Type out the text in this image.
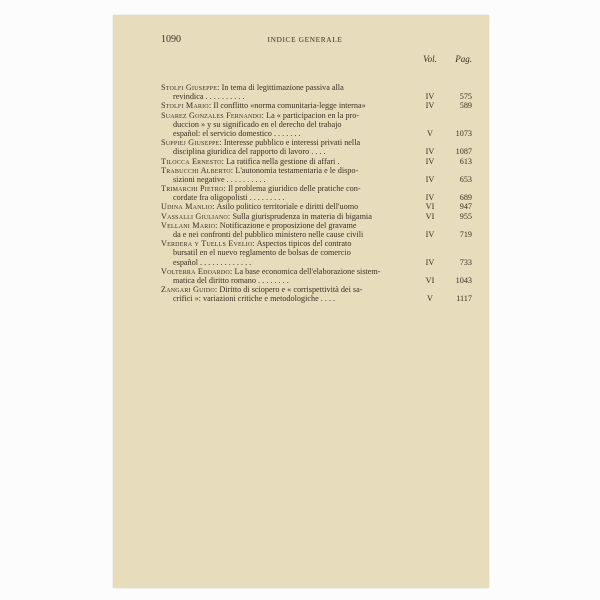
1090	INDICE GENERALE
Vol.	Pag.
Stolfi Giuseppe: In tema di legittimazione passiva alla
revindica . . . . . . . . . .	IV	575
Stolfi Mario: Il conflitto «norma comunitaria-legge interna»	IV	589
Suarez Gonzales Fernando: La « participacion en la pro-
duccion » y su significado en el derecho del trabajo
español: el servicio domestico . . . . . . .	V	1073
Suppiej Giuseppe: Interesse pubblico e interessi privati nella
disciplina giuridica del rapporto di lavoro . . . .	IV	1087
Tilocca Ernesto: La ratifica nella gestione di affari .	IV	613
Trabucchi Alberto: L'autonomia testamentaria e le dispo-
sizioni negative . . . . . . . . . .	IV	653
Trimarchi Pietro: Il problema giuridico delle pratiche con-
cordate fra oligopolisti . . . . . . . . .	IV	689
Udina Manlio: Asilo politico territoriale e diritti dell'uomo	VI	947
Vassalli Giuliano: Sulla giurisprudenza in materia di bigamia	VI	955
Vellani Mario: Notificazione e proposizione del gravame
da e nei confronti del pubblico ministero nelle cause civili	IV	719
Verdera y Tuells Evelio: Aspectos tipicos del contrato
bursatil en el nuevo reglamento de bolsas de comercio
español . . . . . . . . . . . . .	IV	733
Volterra Edoardo: La base economica dell'elaborazione sistem-
matica del diritto romano . . . . . . . .	VI	1043
Zangari Guido: Diritto di sciopero e « corrispettività dei sa-
crifici »: variazioni critiche e metodologiche . . . .	V	1117
